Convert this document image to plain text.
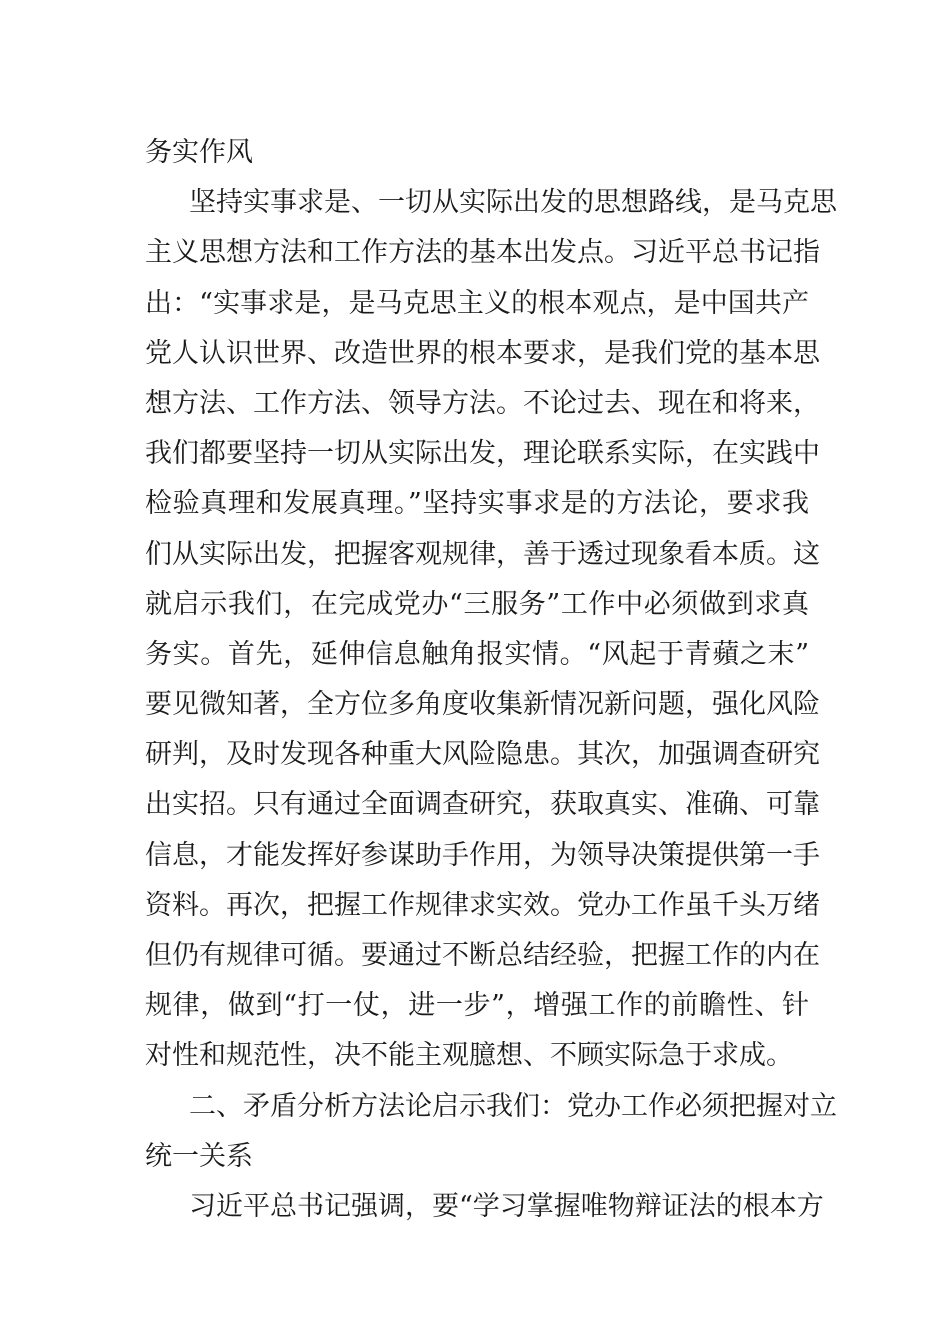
务实作风
坚持实事求是、一切从实际出发的思想路线，是马克思
主义思想方法和工作方法的基本出发点。习近平总书记指
出：“实事求是，是马克思主义的根本观点，是中国共产
党人认识世界、改造世界的根本要求，是我们党的基本思
想方法、工作方法、领导方法。不论过去、现在和将来，
我们都要坚持一切从实际出发，理论联系实际，在实践中
检验真理和发展真理。”坚持实事求是的方法论，要求我
们从实际出发，把握客观规律，善于透过现象看本质。这
就启示我们，在完成党办“三服务”工作中必须做到求真
务实。首先，延伸信息触角报实情。“风起于青蘋之末”
要见微知著，全方位多角度收集新情况新问题，强化风险
研判，及时发现各种重大风险隐患。其次，加强调查研究
出实招。只有通过全面调查研究，获取真实、准确、可靠
信息，才能发挥好参谋助手作用，为领导决策提供第一手
资料。再次，把握工作规律求实效。党办工作虽千头万绪
但仍有规律可循。要通过不断总结经验，把握工作的内在
规律，做到“打一仗，进一步”，增强工作的前瞻性、针
对性和规范性，决不能主观臆想、不顾实际急于求成。
二、矛盾分析方法论启示我们：党办工作必须把握对立
统一关系
习近平总书记强调，要“学习掌握唯物辩证法的根本方
